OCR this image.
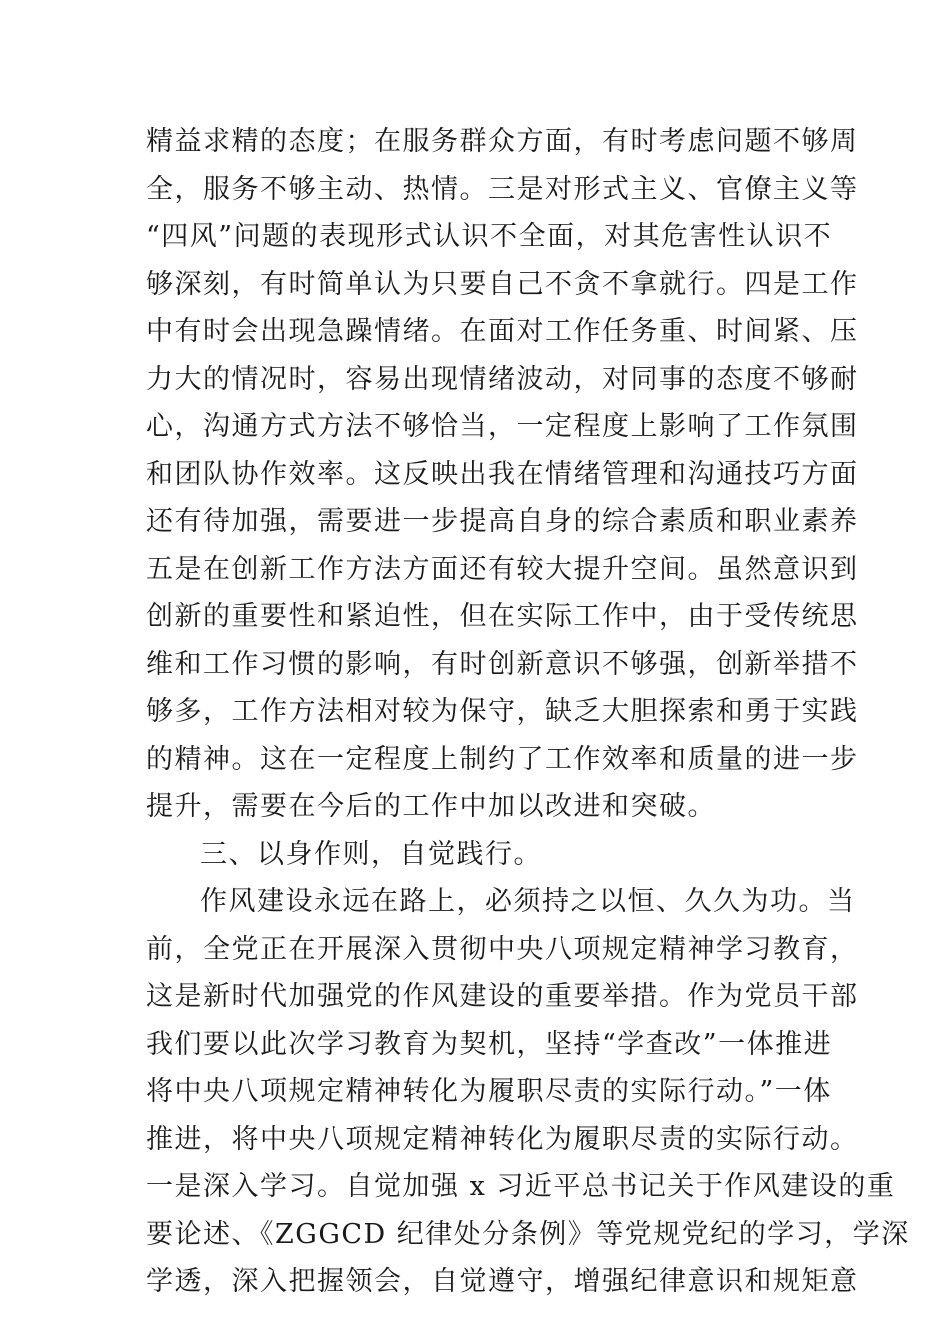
精益求精的态度；在服务群众方面，有时考虑问题不够周
全，服务不够主动、热情。三是对形式主义、官僚主义等
“四风”问题的表现形式认识不全面，对其危害性认识不
够深刻，有时简单认为只要自己不贪不拿就行。四是工作
中有时会出现急躁情绪。在面对工作任务重、时间紧、压
力大的情况时，容易出现情绪波动，对同事的态度不够耐
心，沟通方式方法不够恰当，一定程度上影响了工作氛围
和团队协作效率。这反映出我在情绪管理和沟通技巧方面
还有待加强，需要进一步提高自身的综合素质和职业素养
五是在创新工作方法方面还有较大提升空间。虽然意识到
创新的重要性和紧迫性，但在实际工作中，由于受传统思
维和工作习惯的影响，有时创新意识不够强，创新举措不
够多，工作方法相对较为保守，缺乏大胆探索和勇于实践
的精神。这在一定程度上制约了工作效率和质量的进一步
提升，需要在今后的工作中加以改进和突破。
三、以身作则，自觉践行。
作风建设永远在路上，必须持之以恒、久久为功。当
前，全党正在开展深入贯彻中央八项规定精神学习教育，
这是新时代加强党的作风建设的重要举措。作为党员干部
我们要以此次学习教育为契机，坚持“学查改”一体推进
将中央八项规定精神转化为履职尽责的实际行动。”一体
推进，将中央八项规定精神转化为履职尽责的实际行动。
一是深入学习。自觉加强 x 习近平总书记关于作风建设的重
要论述、《ZGGCD 纪律处分条例》等党规党纪的学习，学深
学透，深入把握领会，自觉遵守，增强纪律意识和规矩意
